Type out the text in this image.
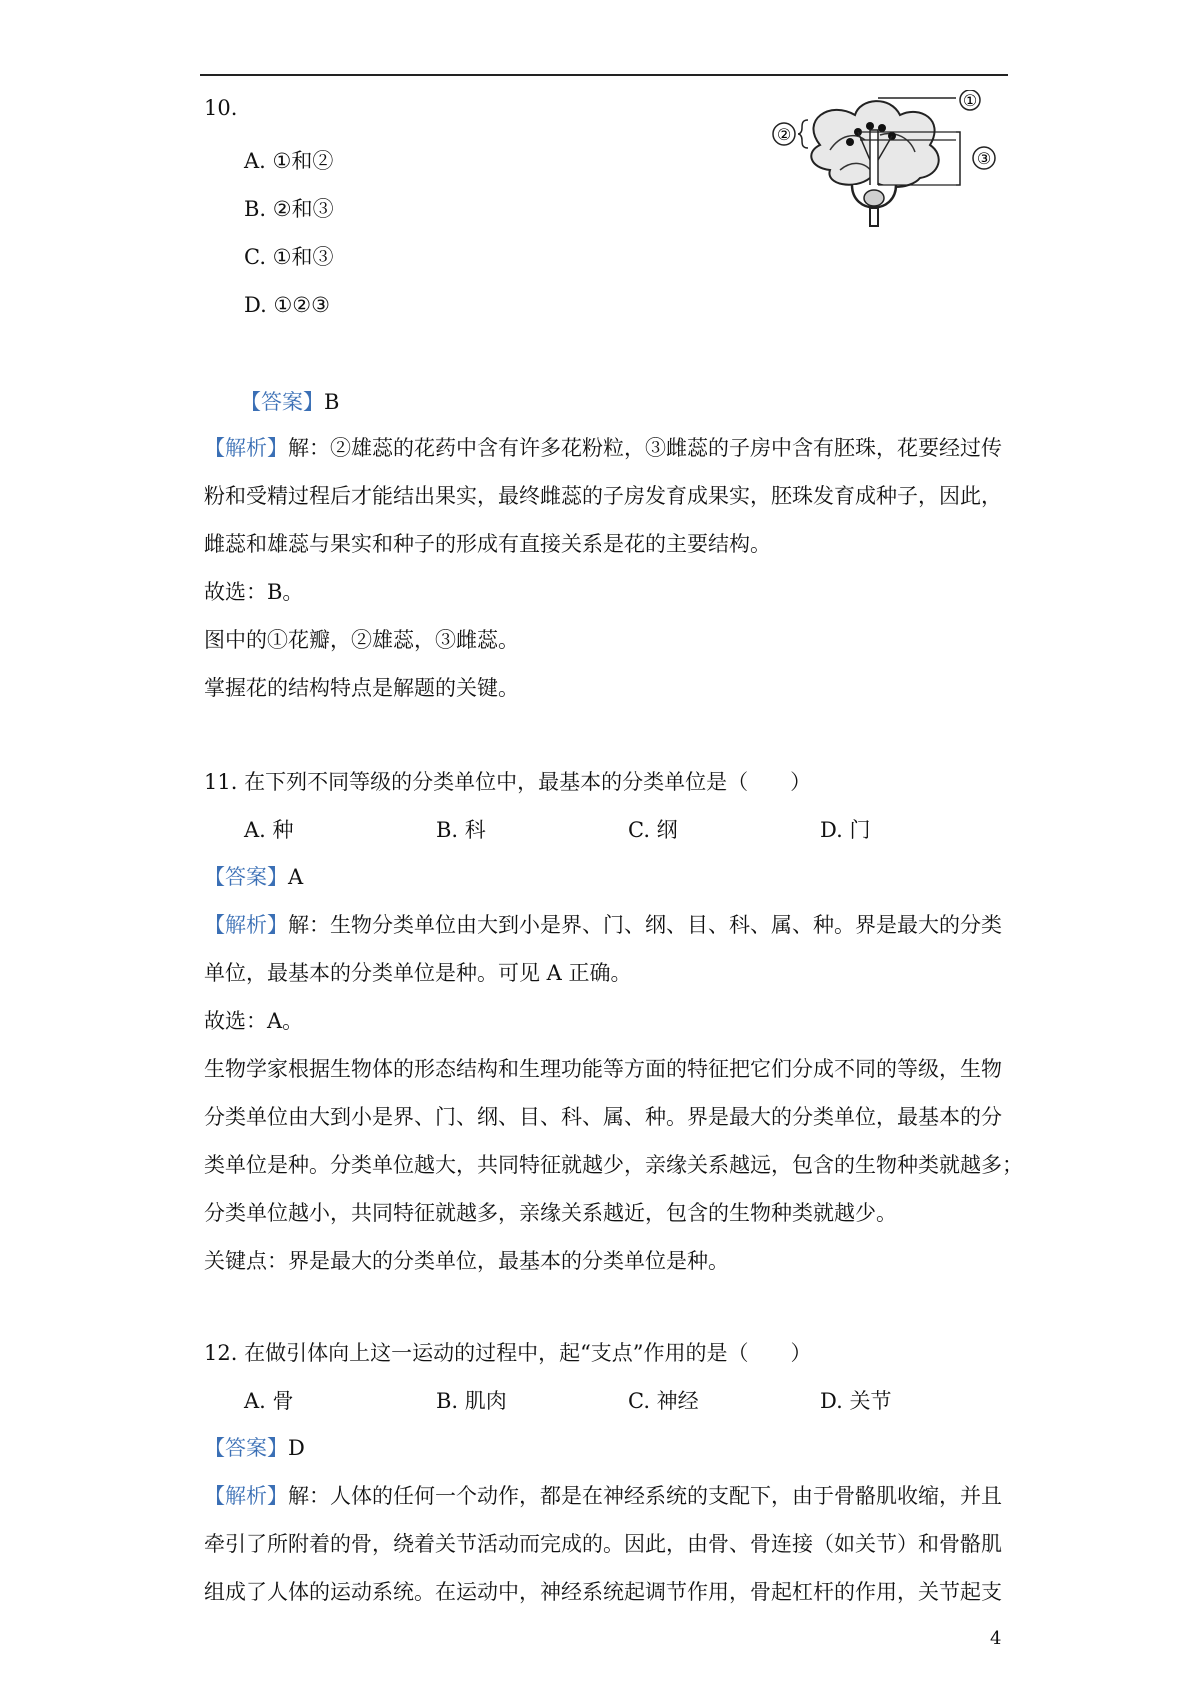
10.
A. ①和②
B. ②和③
C. ①和③
D. ①②③
①
②
③
【答案】B
【解析】解：②雄蕊的花药中含有许多花粉粒，③雌蕊的子房中含有胚珠，花要经过传
粉和受精过程后才能结出果实，最终雌蕊的子房发育成果实，胚珠发育成种子，因此，
雌蕊和雄蕊与果实和种子的形成有直接关系是花的主要结构。
故选：B。
图中的①花瓣，②雄蕊，③雌蕊。
掌握花的结构特点是解题的关键。
11. 在下列不同等级的分类单位中，最基本的分类单位是（　　）
A. 种	B. 科	C. 纲	D. 门
【答案】A
【解析】解：生物分类单位由大到小是界、门、纲、目、科、属、种。界是最大的分类
单位，最基本的分类单位是种。可见 A 正确。
故选：A。
生物学家根据生物体的形态结构和生理功能等方面的特征把它们分成不同的等级，生物
分类单位由大到小是界、门、纲、目、科、属、种。界是最大的分类单位，最基本的分
类单位是种。分类单位越大，共同特征就越少，亲缘关系越远，包含的生物种类就越多；
分类单位越小，共同特征就越多，亲缘关系越近，包含的生物种类就越少。
关键点：界是最大的分类单位，最基本的分类单位是种。
12. 在做引体向上这一运动的过程中，起“支点”作用的是（　　）
A. 骨	B. 肌肉	C. 神经	D. 关节
【答案】D
【解析】解：人体的任何一个动作，都是在神经系统的支配下，由于骨骼肌收缩，并且
牵引了所附着的骨，绕着关节活动而完成的。因此，由骨、骨连接（如关节）和骨骼肌
组成了人体的运动系统。在运动中，神经系统起调节作用，骨起杠杆的作用，关节起支
4
